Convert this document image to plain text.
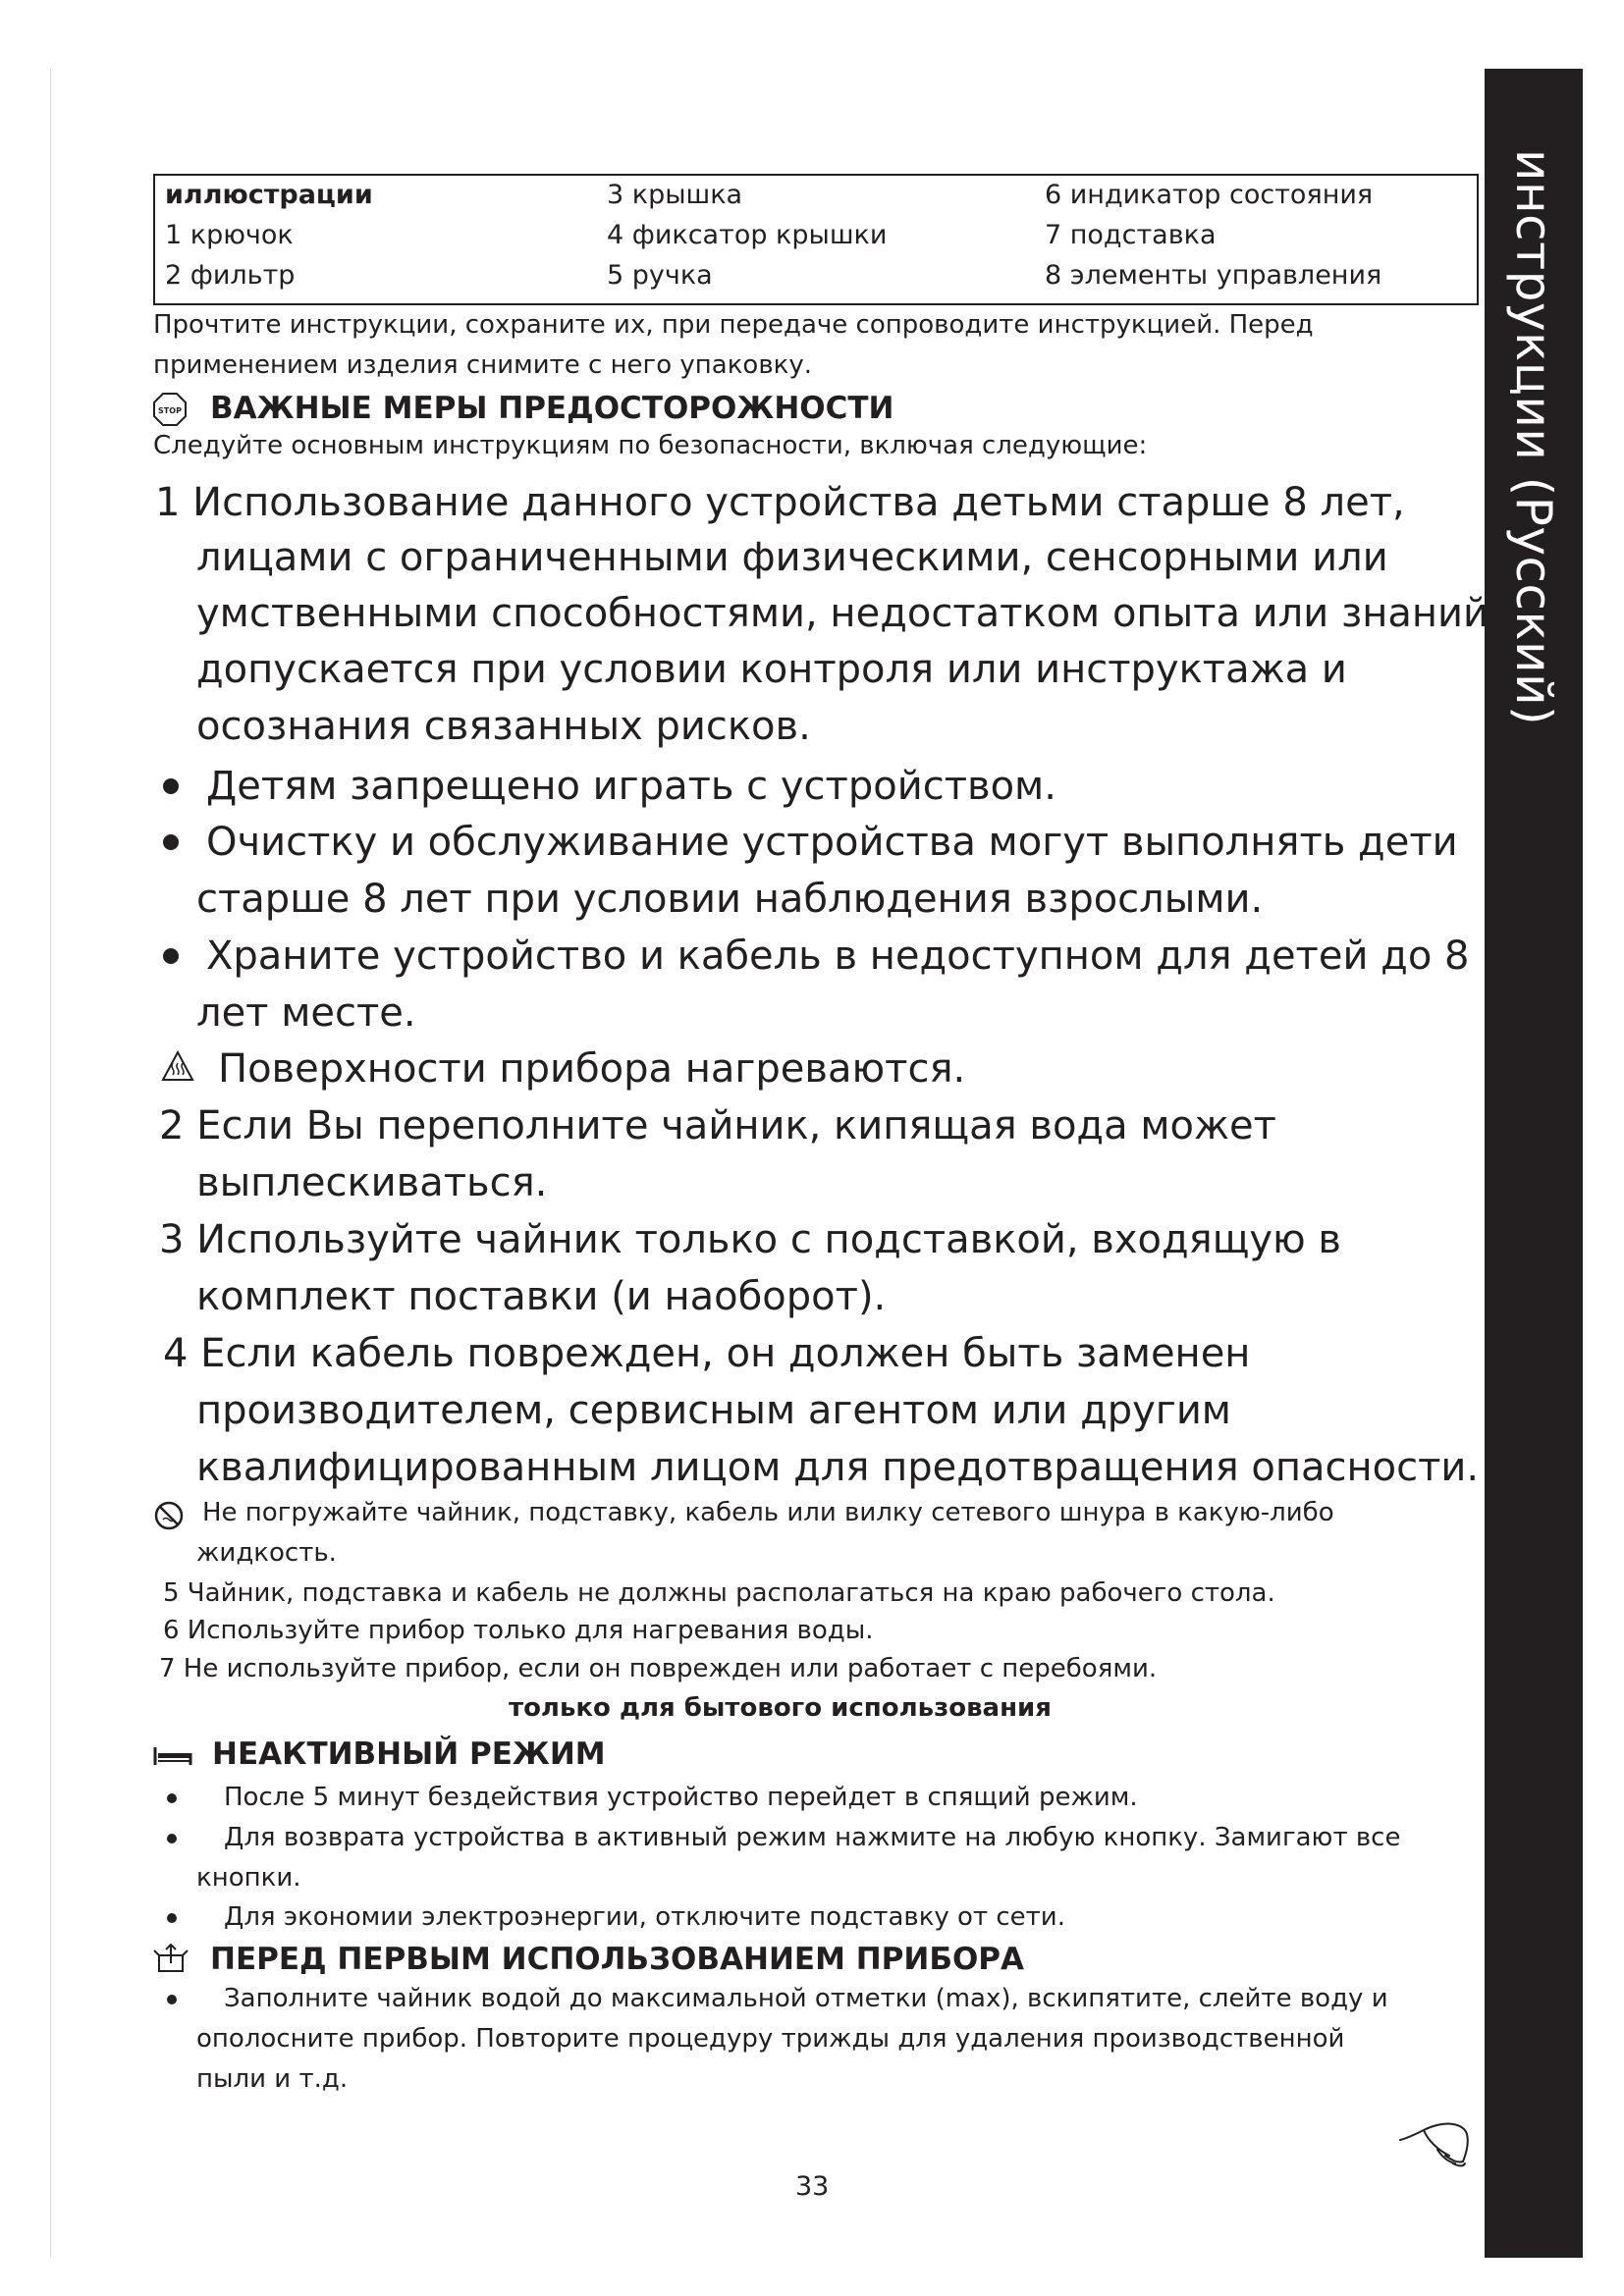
инструкции (Русский)
иллюстрации
1 крючок
2 фильтр
3 крышка
4 фиксатор крышки
5 ручка
6 индикатор состояния
7 подставка
8 элементы управления
Прочтите инструкции, сохраните их, при передаче сопроводите инструкцией. Перед
применением изделия снимите с него упаковку.
STOP ВАЖНЫЕ МЕРЫ ПРЕДОСТОРОЖНОСТИ
Следуйте основным инструкциям по безопасности, включая следующие:
1 Использование данного устройства детьми старше 8 лет,
лицами с ограниченными физическими, сенсорными или
умственными способностями, недостатком опыта или знаний
допускается при условии контроля или инструктажа и
осознания связанных рисков.
Детям запрещено играть с устройством.
Очистку и обслуживание устройства могут выполнять дети
старше 8 лет при условии наблюдения взрослыми.
Храните устройство и кабель в недоступном для детей до 8
лет месте.
Поверхности прибора нагреваются.
2 Если Вы переполните чайник, кипящая вода может
выплескиваться.
3 Используйте чайник только с подставкой, входящую в
комплект поставки (и наоборот).
4 Если кабель поврежден, он должен быть заменен
производителем, сервисным агентом или другим
квалифицированным лицом для предотвращения опасности.
Не погружайте чайник, подставку, кабель или вилку сетевого шнура в какую-либо
жидкость.
5 Чайник, подставка и кабель не должны располагаться на краю рабочего стола.
6 Используйте прибор только для нагревания воды.
7 Не используйте прибор, если он поврежден или работает с перебоями.
только для бытового использования
НЕАКТИВНЫЙ РЕЖИМ
После 5 минут бездействия устройство перейдет в спящий режим.
Для возврата устройства в активный режим нажмите на любую кнопку. Замигают все
кнопки.
Для экономии электроэнергии, отключите подставку от сети.
ПЕРЕД ПЕРВЫМ ИСПОЛЬЗОВАНИЕМ ПРИБОРА
Заполните чайник водой до максимальной отметки (max), вскипятите, слейте воду и
ополосните прибор. Повторите процедуру трижды для удаления производственной
пыли и т.д.
33
